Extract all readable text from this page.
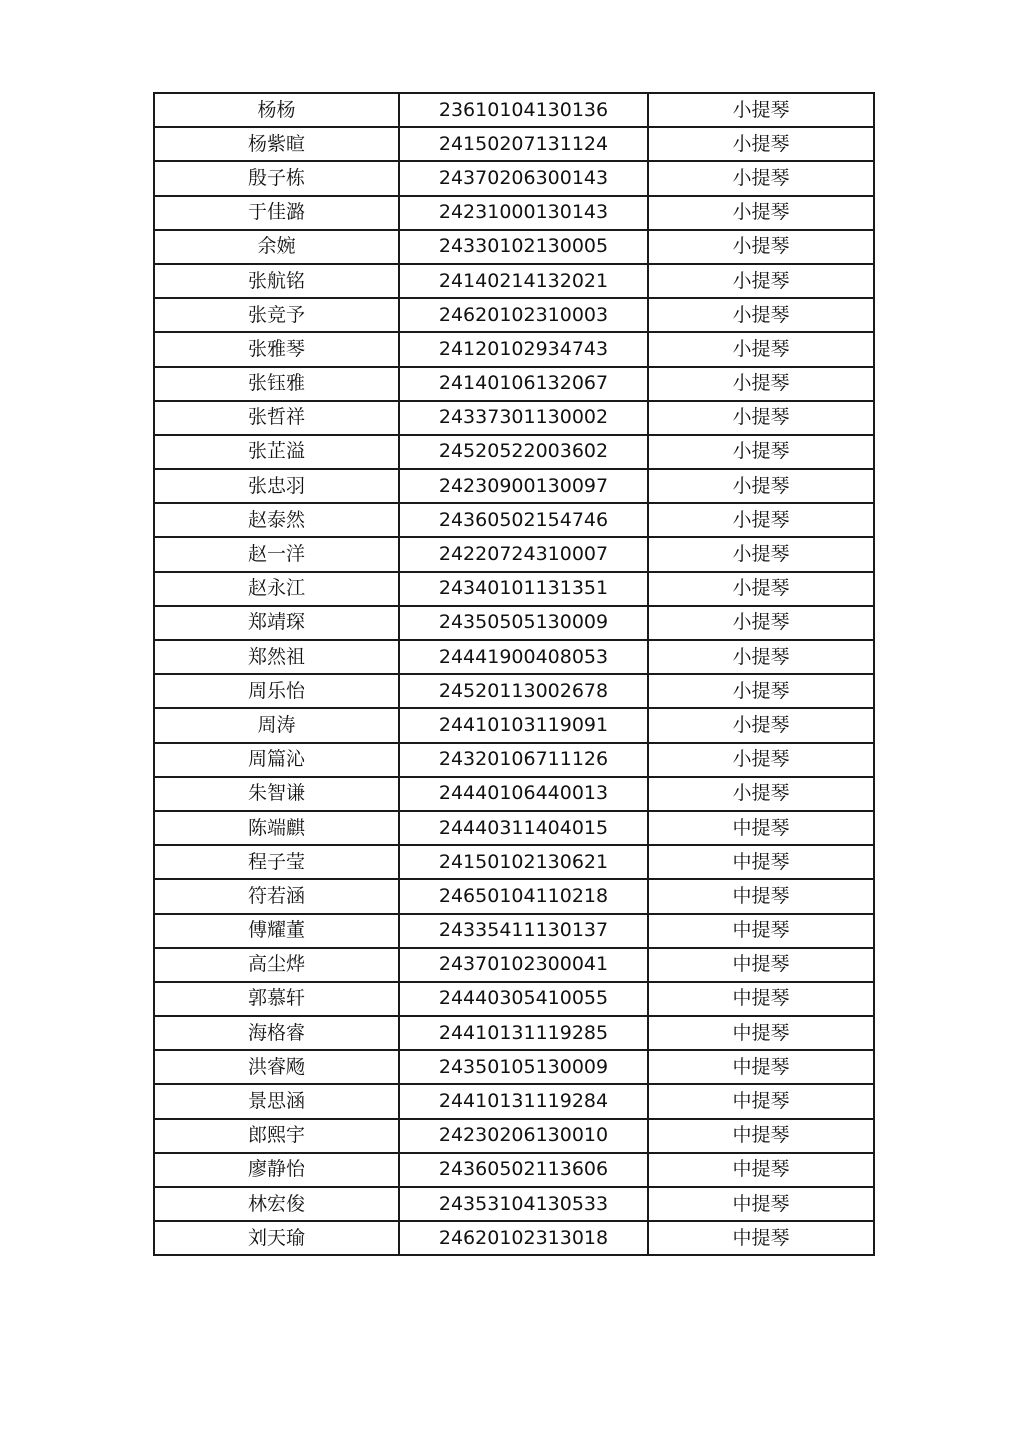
杨杨	23610104130136	小提琴
杨紫暄	24150207131124	小提琴
殷子栋	24370206300143	小提琴
于佳潞	24231000130143	小提琴
余婉	24330102130005	小提琴
张航铭	24140214132021	小提琴
张竞予	24620102310003	小提琴
张雅琴	24120102934743	小提琴
张钰雅	24140106132067	小提琴
张哲祥	24337301130002	小提琴
张芷溢	24520522003602	小提琴
张忠羽	24230900130097	小提琴
赵泰然	24360502154746	小提琴
赵一洋	24220724310007	小提琴
赵永江	24340101131351	小提琴
郑靖琛	24350505130009	小提琴
郑然祖	24441900408053	小提琴
周乐怡	24520113002678	小提琴
周涛	24410103119091	小提琴
周篇沁	24320106711126	小提琴
朱智谦	24440106440013	小提琴
陈端麒	24440311404015	中提琴
程子莹	24150102130621	中提琴
符若涵	24650104110218	中提琴
傅耀董	24335411130137	中提琴
高尘烨	24370102300041	中提琴
郭慕轩	24440305410055	中提琴
海格睿	24410131119285	中提琴
洪睿飏	24350105130009	中提琴
景思涵	24410131119284	中提琴
郎熙宇	24230206130010	中提琴
廖静怡	24360502113606	中提琴
林宏俊	24353104130533	中提琴
刘天瑜	24620102313018	中提琴
